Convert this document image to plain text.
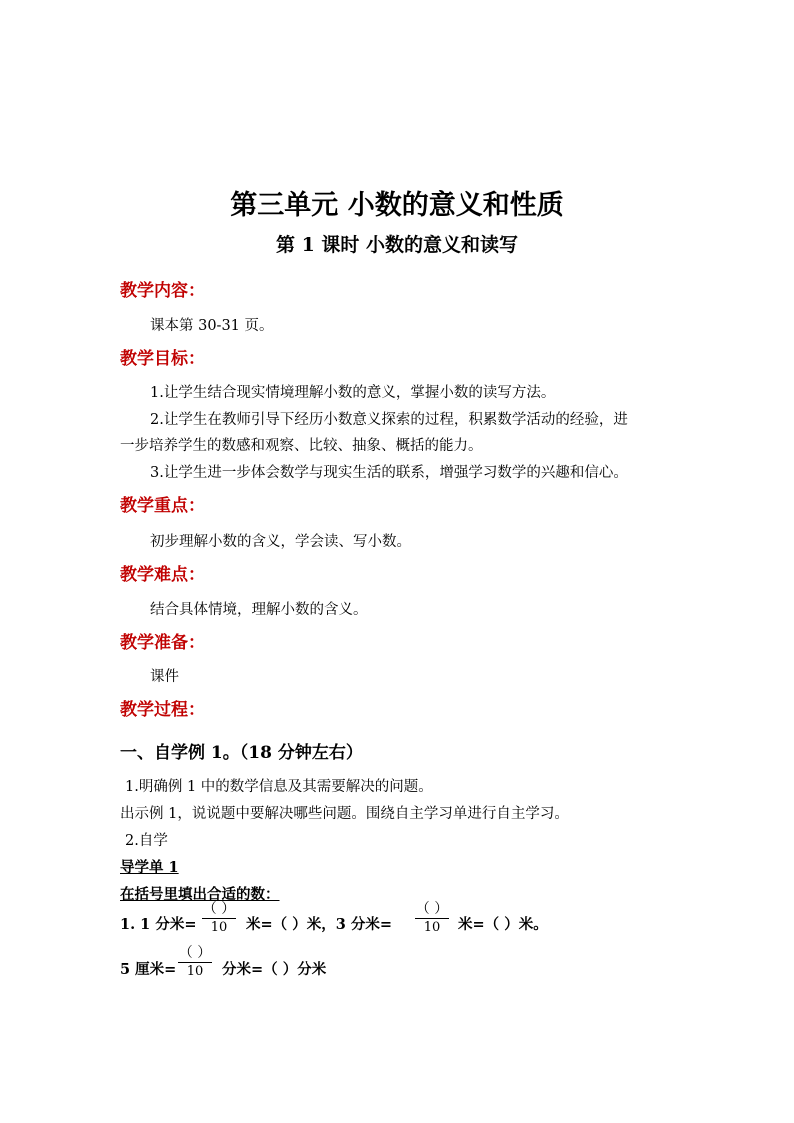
第三单元 小数的意义和性质
第 1 课时 小数的意义和读写
教学内容：
课本第 30-31 页。
教学目标：
1.让学生结合现实情境理解小数的意义，掌握小数的读写方法。
2.让学生在教师引导下经历小数意义探索的过程，积累数学活动的经验，进
一步培养学生的数感和观察、比较、抽象、概括的能力。
3.让学生进一步体会数学与现实生活的联系，增强学习数学的兴趣和信心。
教学重点：
初步理解小数的含义，学会读、写小数。
教学难点：
结合具体情境，理解小数的含义。
教学准备：
课件
教学过程：
一、自学例 1。（18 分钟左右）
1.明确例 1 中的数学信息及其需要解决的问题。
出示例 1，说说题中要解决哪些问题。围绕自主学习单进行自主学习。
2.自学
导学单 1
在括号里填出合适的数：
1. 1 分米=
（ ）
10	米=（ ）米，3 分米=
（ ）
10	米=（ ）米。
5 厘米=
（ ）
10	分米=（ ）分米
